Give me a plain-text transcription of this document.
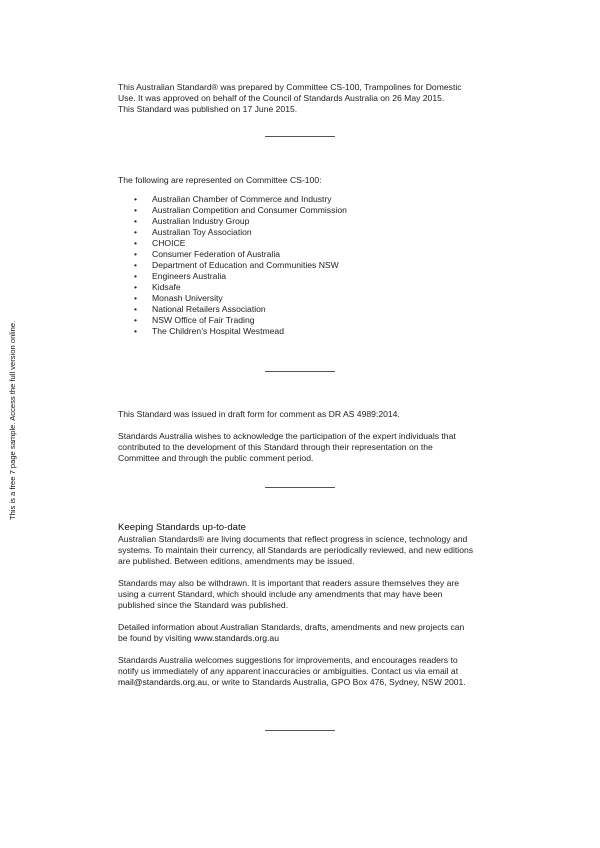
This is a free 7 page sample. Access the full version online.

This Australian Standard® was prepared by Committee CS-100, Trampolines for Domestic

Use. It was approved on behalf of the Council of Standards Australia on 26 May 2015.

This Standard was published on 17 June 2015.

The following are represented on Committee CS-100:

• Australian Chamber of Commerce and Industry
• Australian Competition and Consumer Commission
• Australian Industry Group
• Australian Toy Association
• CHOICE
• Consumer Federation of Australia
• Department of Education and Communities NSW
• Engineers Australia
• Kidsafe
• Monash University
• National Retailers Association
• NSW Office of Fair Trading
• The Children’s Hospital Westmead

This Standard was issued in draft form for comment as DR AS 4989:2014.

Standards Australia wishes to acknowledge the participation of the expert individuals that

contributed to the development of this Standard through their representation on the

Committee and through the public comment period.

Keeping Standards up-to-date

Australian Standards® are living documents that reflect progress in science, technology and

systems. To maintain their currency, all Standards are periodically reviewed, and new editions

are published. Between editions, amendments may be issued.

Standards may also be withdrawn. It is important that readers assure themselves they are

using a current Standard, which should include any amendments that may have been

published since the Standard was published.

Detailed information about Australian Standards, drafts, amendments and new projects can

be found by visiting www.standards.org.au

Standards Australia welcomes suggestions for improvements, and encourages readers to

notify us immediately of any apparent inaccuracies or ambiguities. Contact us via email at

mail@standards.org.au, or write to Standards Australia, GPO Box 476, Sydney, NSW 2001.
